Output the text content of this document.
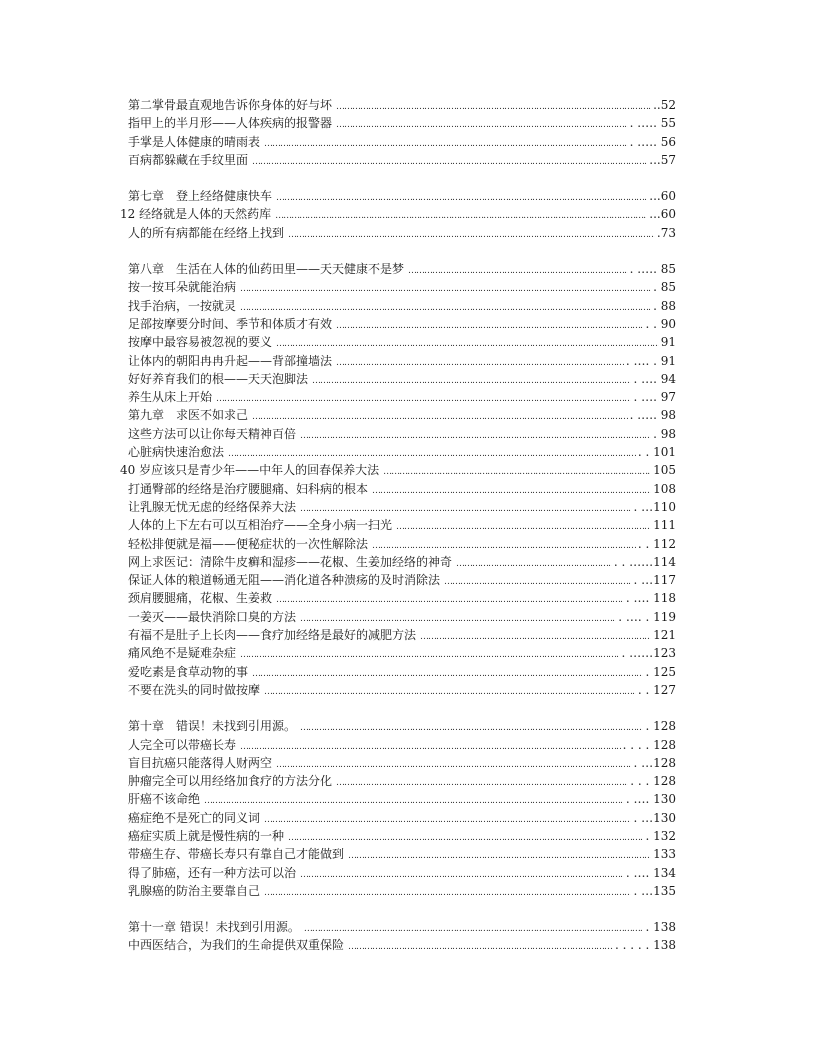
第二掌骨最直观地告诉你身体的好与坏 …………………………………………………………………………………………………………………………………………………………………………………………………………………………………	..52
指甲上的半月形——人体疾病的报警器 …………………………………………………………………………………………………………………………………………………………………………………………………………………………………	. .…. 55
手掌是人体健康的晴雨表 …………………………………………………………………………………………………………………………………………………………………………………………………………………………………	. .…. 56
百病都躲藏在手纹里面 …………………………………………………………………………………………………………………………………………………………………………………………………………………………………	...57
第七章　登上经络健康快车 …………………………………………………………………………………………………………………………………………………………………………………………………………………………………	...60
12 经络就是人体的天然药库 …………………………………………………………………………………………………………………………………………………………………………………………………………………………………	...60
人的所有病都能在经络上找到 …………………………………………………………………………………………………………………………………………………………………………………………………………………………………	.73
第八章　生活在人体的仙药田里——天天健康不是梦 …………………………………………………………………………………………………………………………………………………………………………………………………………………………………	. .…. 85
按一按耳朵就能治病 …………………………………………………………………………………………………………………………………………………………………………………………………………………………………	. 85
找手治病，一按就灵 …………………………………………………………………………………………………………………………………………………………………………………………………………………………………	. 88
足部按摩要分时间、季节和体质才有效 …………………………………………………………………………………………………………………………………………………………………………………………………………………………………	. . 90
按摩中最容易被忽视的要义 …………………………………………………………………………………………………………………………………………………………………………………………………………………………………	91
让体内的朝阳冉冉升起——背部撞墙法 …………………………………………………………………………………………………………………………………………………………………………………………………………………………………	. …. . 91
好好养育我们的根——天天泡脚法 …………………………………………………………………………………………………………………………………………………………………………………………………………………………………	. …. 94
养生从床上开始 …………………………………………………………………………………………………………………………………………………………………………………………………………………………………	. …. 97
第九章　求医不如求己 …………………………………………………………………………………………………………………………………………………………………………………………………………………………………	. .…. 98
这些方法可以让你每天精神百倍 …………………………………………………………………………………………………………………………………………………………………………………………………………………………………	. 98
心脏病快速治愈法 …………………………………………………………………………………………………………………………………………………………………………………………………………………………………	. . 101
40 岁应该只是青少年——中年人的回春保养大法 …………………………………………………………………………………………………………………………………………………………………………………………………………………………………	105
打通臀部的经络是治疗腰腿痛、妇科病的根本 …………………………………………………………………………………………………………………………………………………………………………………………………………………………………	108
让乳腺无忧无虑的经络保养大法 …………………………………………………………………………………………………………………………………………………………………………………………………………………………………	. …110
人体的上下左右可以互相治疗——全身小病一扫光 …………………………………………………………………………………………………………………………………………………………………………………………………………………………………	111
轻松排便就是福——便秘症状的一次性解除法 …………………………………………………………………………………………………………………………………………………………………………………………………………………………………	. . 112
网上求医记：清除牛皮癣和湿疹——花椒、生姜加经络的神奇 …………………………………………………………………………………………………………………………………………………………………………………………………………………………………	. . ……114
保证人体的粮道畅通无阻——消化道各种溃疡的及时消除法 …………………………………………………………………………………………………………………………………………………………………………………………………………………………………	. …117
颈肩腰腿痛，花椒、生姜救 …………………………………………………………………………………………………………………………………………………………………………………………………………………………………	. …. 118
一姜灭——最快消除口臭的方法 …………………………………………………………………………………………………………………………………………………………………………………………………………………………………	. …. . 119
有福不是肚子上长肉——食疗加经络是最好的减肥方法 …………………………………………………………………………………………………………………………………………………………………………………………………………………………………	121
痛风绝不是疑难杂症 …………………………………………………………………………………………………………………………………………………………………………………………………………………………………	. ……123
爱吃素是食草动物的事 …………………………………………………………………………………………………………………………………………………………………………………………………………………………………	. 125
不要在洗头的同时做按摩 …………………………………………………………………………………………………………………………………………………………………………………………………………………………………	. . 127
第十章　错误！未找到引用源。 …………………………………………………………………………………………………………………………………………………………………………………………………………………………………	. 128
人完全可以带癌长寿 …………………………………………………………………………………………………………………………………………………………………………………………………………………………………	. . . . 128
盲目抗癌只能落得人财两空 …………………………………………………………………………………………………………………………………………………………………………………………………………………………………	. …128
肿瘤完全可以用经络加食疗的方法分化 …………………………………………………………………………………………………………………………………………………………………………………………………………………………………	. . . 128
肝癌不该命绝 …………………………………………………………………………………………………………………………………………………………………………………………………………………………………	. …. 130
癌症绝不是死亡的同义词 …………………………………………………………………………………………………………………………………………………………………………………………………………………………………	. …130
癌症实质上就是慢性病的一种 …………………………………………………………………………………………………………………………………………………………………………………………………………………………………	. 132
带癌生存、带癌长寿只有靠自己才能做到 …………………………………………………………………………………………………………………………………………………………………………………………………………………………………	133
得了肺癌，还有一种方法可以治 …………………………………………………………………………………………………………………………………………………………………………………………………………………………………	. …. 134
乳腺癌的防治主要靠自己 …………………………………………………………………………………………………………………………………………………………………………………………………………………………………	. …135
第十一章 错误！未找到引用源。 …………………………………………………………………………………………………………………………………………………………………………………………………………………………………	. 138
中西医结合，为我们的生命提供双重保险 …………………………………………………………………………………………………………………………………………………………………………………………………………………………………	. . . . . 138
